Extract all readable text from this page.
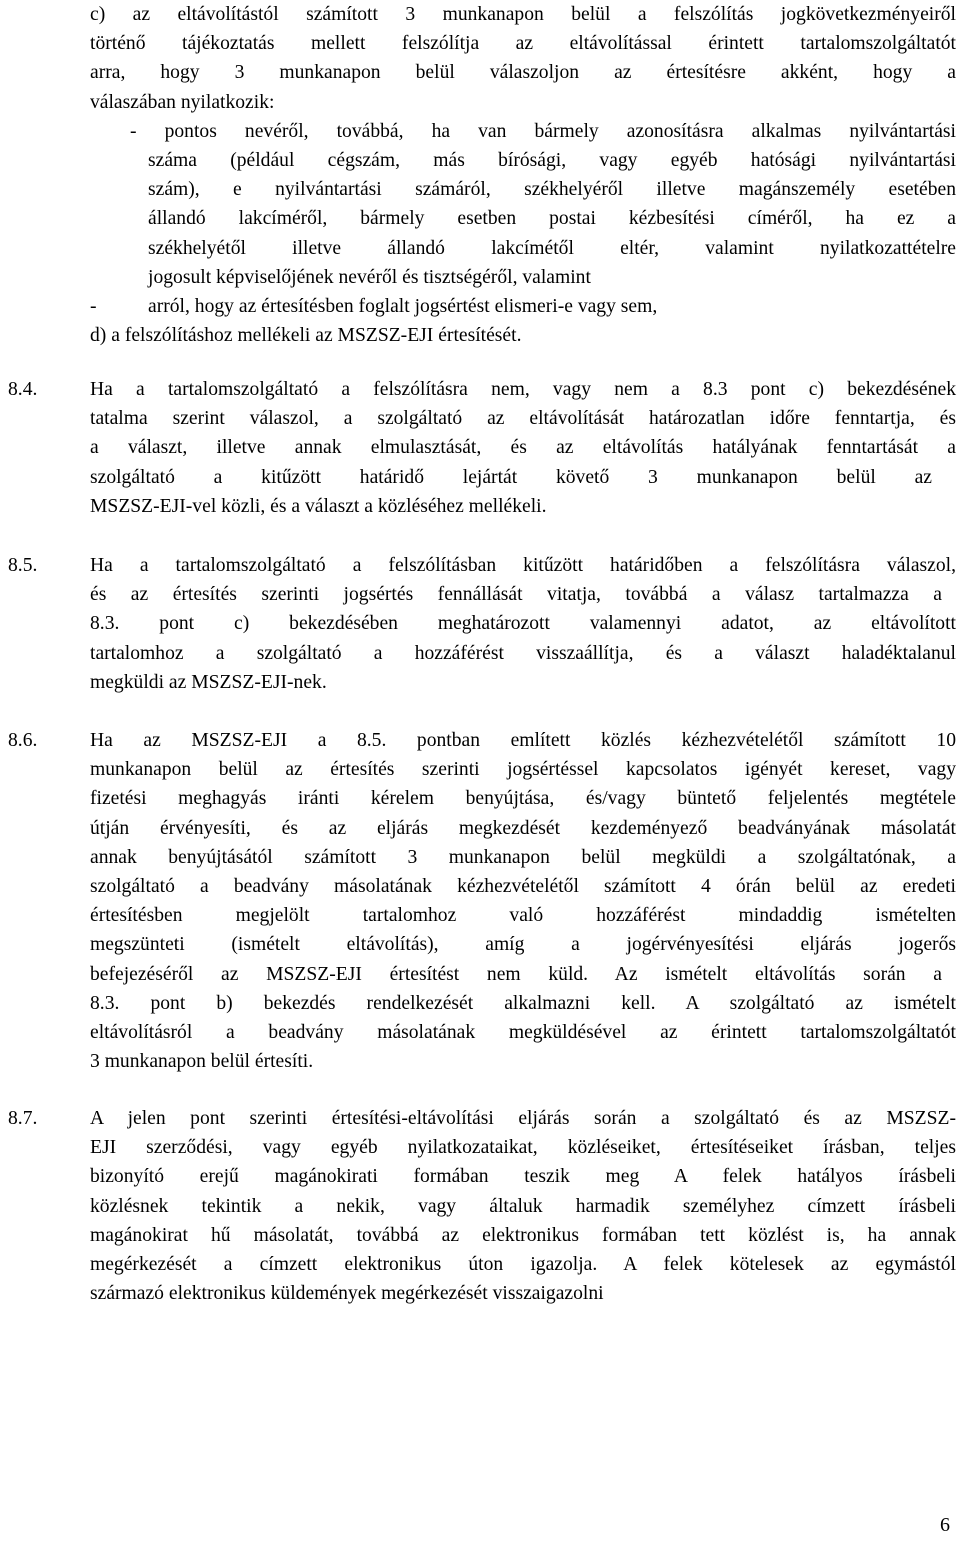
c) az eltávolítástól számított 3 munkanapon belül a felszólítás jogkövetkezményeiről
történő tájékoztatás mellett felszólítja az eltávolítással érintett tartalomszolgáltatót
arra, hogy 3 munkanapon belül válaszoljon az értesítésre akként, hogy a
válaszában nyilatkozik:
- pontos nevéről, továbbá, ha van bármely azonosításra alkalmas nyilvántartási
száma (például cégszám, más bírósági, vagy egyéb hatósági nyilvántartási
szám), e nyilvántartási számáról, székhelyéről illetve magánszemély esetében
állandó lakcíméről, bármely esetben postai kézbesítési címéről, ha ez a
székhelyétől illetve állandó lakcímétől eltér, valamint nyilatkozattételre
jogosult képviselőjének nevéről és tisztségéről, valamint
-	arról, hogy az értesítésben foglalt jogsértést elismeri-e vagy sem,
d) a felszólításhoz mellékeli az MSZSZ-EJI értesítését.
8.4.	Ha a tartalomszolgáltató a felszólításra nem, vagy nem a 8.3 pont c) bekezdésének
tatalma szerint válaszol, a szolgáltató az eltávolítását határozatlan időre fenntartja, és
a választ, illetve annak elmulasztását, és az eltávolítás hatályának fenntartását a
szolgáltató a kitűzött határidő lejártát követő 3 munkanapon belül az
MSZSZ-EJI-vel közli, és a választ a közléséhez mellékeli.
8.5.	Ha a tartalomszolgáltató a felszólításban kitűzött határidőben a felszólításra válaszol,
és az értesítés szerinti jogsértés fennállását vitatja, továbbá a válasz tartalmazza a
8.3. pont c) bekezdésében meghatározott valamennyi adatot, az eltávolított
tartalomhoz a szolgáltató a hozzáférést visszaállítja, és a választ haladéktalanul
megküldi az MSZSZ-EJI-nek.
8.6.	Ha az MSZSZ-EJI a 8.5. pontban említett közlés kézhezvételétől számított 10
munkanapon belül az értesítés szerinti jogsértéssel kapcsolatos igényét kereset, vagy
fizetési meghagyás iránti kérelem benyújtása, és/vagy büntető feljelentés megtétele
útján érvényesíti, és az eljárás megkezdését kezdeményező beadványának másolatát
annak benyújtásától számított 3 munkanapon belül megküldi a szolgáltatónak, a
szolgáltató a beadvány másolatának kézhezvételétől számított 4 órán belül az eredeti
értesítésben megjelölt tartalomhoz való hozzáférést mindaddig ismételten
megszünteti (ismételt eltávolítás), amíg a jogérvényesítési eljárás jogerős
befejezéséről az MSZSZ-EJI értesítést nem küld. Az ismételt eltávolítás során a
8.3. pont b) bekezdés rendelkezését alkalmazni kell. A szolgáltató az ismételt
eltávolításról a beadvány másolatának megküldésével az érintett tartalomszolgáltatót
3 munkanapon belül értesíti.
8.7.	A jelen pont szerinti értesítési-eltávolítási eljárás során a szolgáltató és az MSZSZ-
EJI szerződési, vagy egyéb nyilatkozataikat, közléseiket, értesítéseiket írásban, teljes
bizonyító erejű magánokirati formában teszik meg A felek hatályos írásbeli
közlésnek tekintik a nekik, vagy általuk harmadik személyhez címzett írásbeli
magánokirat hű másolatát, továbbá az elektronikus formában tett közlést is, ha annak
megérkezését a címzett elektronikus úton igazolja. A felek kötelesek az egymástól
származó elektronikus küldemények megérkezését visszaigazolni
6
